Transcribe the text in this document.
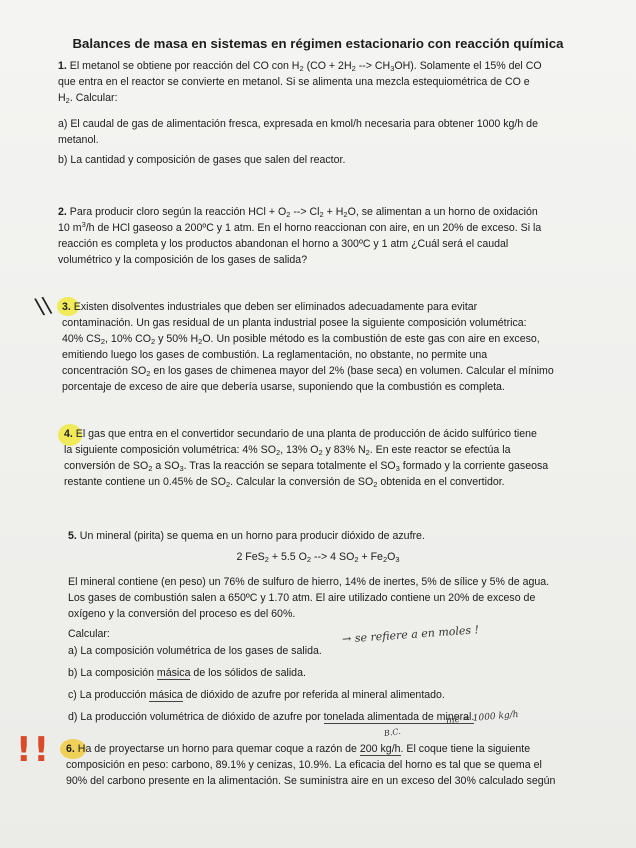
Balances de masa en sistemas en régimen estacionario con reacción química

1. El metanol se obtiene por reacción del CO con $H_2$ ($CO + 2H_2$ --> $CH_3OH$). Solamente el 15% del CO

que entra en el reactor se convierte en metanol. Si se alimenta una mezcla estequiométrica de CO e

$H_2$. Calcular:

a) El caudal de gas de alimentación fresca, expresada en kmol/h necesaria para obtener 1000 kg/h de

metanol.

b) La cantidad y composición de gases que salen del reactor.

2. Para producir cloro según la reacción HCl + $O_2$ --> $Cl_2 + H_2O$, se alimentan a un horno de oxidación

10 $m^3/h$ de HCl gaseoso a 200ºC y 1 atm. En el horno reaccionan con aire, en un 20% de exceso. Si la

reacción es completa y los productos abandonan el horno a 300ºC y 1 atm ¿Cuál será el caudal

volumétrico y la composición de los gases de salida?

\\ 3. Existen disolventes industriales que deben ser eliminados adecuadamente para evitar

contaminación. Un gas residual de un planta industrial posee la siguiente composición volumétrica:

40% $CS_2$, 10% $CO_2$ y 50% $H_2O$. Un posible método es la combustión de este gas con aire en exceso,

emitiendo luego los gases de combustión. La reglamentación, no obstante, no permite una

concentración $SO_2$ en los gases de chimenea mayor del 2% (base seca) en volumen. Calcular el mínimo

porcentaje de exceso de aire que debería usarse, suponiendo que la combustión es completa.

4. El gas que entra en el convertidor secundario de una planta de producción de ácido sulfúrico tiene

la siguiente composición volumétrica: 4% $SO_2$, 13% $O_2$ y 83% $N_2$. En este reactor se efectúa la

conversión de $SO_2$ a $SO_3$. Tras la reacción se separa totalmente el $SO_3$ formado y la corriente gaseosa

restante contiene un 0.45% de $SO_2$. Calcular la conversión de $SO_2$ obtenida en el convertidor.

5. Un mineral (pirita) se quema en un horno para producir dióxido de azufre.

2 FeS$_2$ + 5.5 $O_2$ --> 4 $SO_2 + Fe_2O_3$

El mineral contiene (en peso) un 76% de sulfuro de hierro, 14% de inertes, 5% de sílice y 5% de agua.

Los gases de combustión salen a 650ºC y 1.70 atm. El aire utilizado contiene un 20% de exceso de

oxígeno y la conversión del proceso es del 60%.

Calcular:

a) La composición volumétrica de los gases de salida.

b) La composición másica de los sólidos de salida.

c) La producción másica de dióxido de azufre por referida al mineral alimentado.

d) La producción volumétrica de dióxido de azufre por tonelada alimentada de mineral.

→ se refiere a en moles !
mc = 1000 kg/h
B.C.
!! 6. Ha de proyectarse un horno para quemar coque a razón de 200 kg/h. El coque tiene la siguiente

composición en peso: carbono, 89.1% y cenizas, 10.9%. La eficacia del horno es tal que se quema el

90% del carbono presente en la alimentación. Se suministra aire en un exceso del 30% calculado según
